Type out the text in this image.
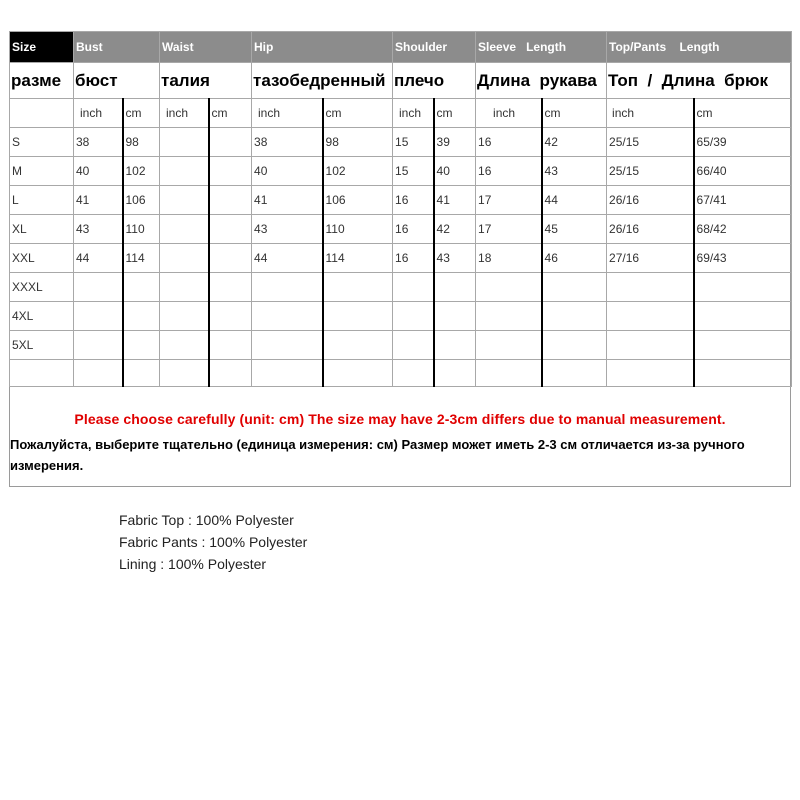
Size	Bust		Waist		Hip		Shoulder		Sleeve   Length		Top/Pants    Length	
разме	бюст		талия		тазобедренный		плечо		Длина  рукава		Топ  /  Длина  брюк	
	inch	cm	inch	cm	inch	cm	inch	cm	inch	cm	inch	cm
S	38	98			38	98	15	39	16	42	25/15	65/39
M	40	102			40	102	15	40	16	43	25/15	66/40
L	41	106			41	106	16	41	17	44	26/16	67/41
XL	43	110			43	110	16	42	17	45	26/16	68/42
XXL	44	114			44	114	16	43	18	46	27/16	69/43
XXXL												
4XL												
5XL												

Please choose carefully (unit: cm) The size may have 2-3cm differs due to manual measurement.

Пожалуйста, выберите тщательно (единица измерения: см) Размер может иметь 2-3 см отличается из-за ручного измерения.

Fabric Top : 100% Polyester
Fabric Pants : 100% Polyester
Lining : 100% Polyester
